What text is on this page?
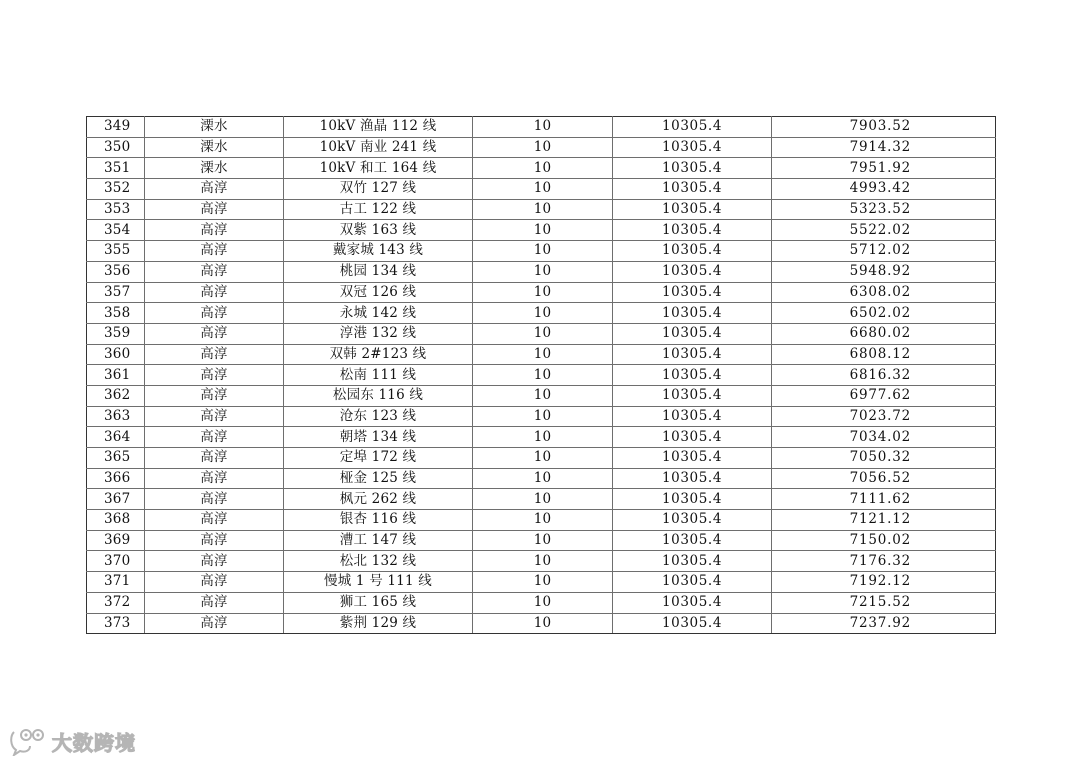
349	溧水	10kV 渔晶 112 线	10	10305.4	7903.52
350	溧水	10kV 南业 241 线	10	10305.4	7914.32
351	溧水	10kV 和工 164 线	10	10305.4	7951.92
352	高淳	双竹 127 线	10	10305.4	4993.42
353	高淳	古工 122 线	10	10305.4	5323.52
354	高淳	双紫 163 线	10	10305.4	5522.02
355	高淳	戴家城 143 线	10	10305.4	5712.02
356	高淳	桃园 134 线	10	10305.4	5948.92
357	高淳	双冠 126 线	10	10305.4	6308.02
358	高淳	永城 142 线	10	10305.4	6502.02
359	高淳	淳港 132 线	10	10305.4	6680.02
360	高淳	双韩 2#123 线	10	10305.4	6808.12
361	高淳	松南 111 线	10	10305.4	6816.32
362	高淳	松园东 116 线	10	10305.4	6977.62
363	高淳	沧东 123 线	10	10305.4	7023.72
364	高淳	朝塔 134 线	10	10305.4	7034.02
365	高淳	定埠 172 线	10	10305.4	7050.32
366	高淳	桠金 125 线	10	10305.4	7056.52
367	高淳	枫元 262 线	10	10305.4	7111.62
368	高淳	银杏 116 线	10	10305.4	7121.12
369	高淳	漕工 147 线	10	10305.4	7150.02
370	高淳	松北 132 线	10	10305.4	7176.32
371	高淳	慢城 1 号 111 线	10	10305.4	7192.12
372	高淳	狮工 165 线	10	10305.4	7215.52
373	高淳	紫荆 129 线	10	10305.4	7237.92
大数跨境
